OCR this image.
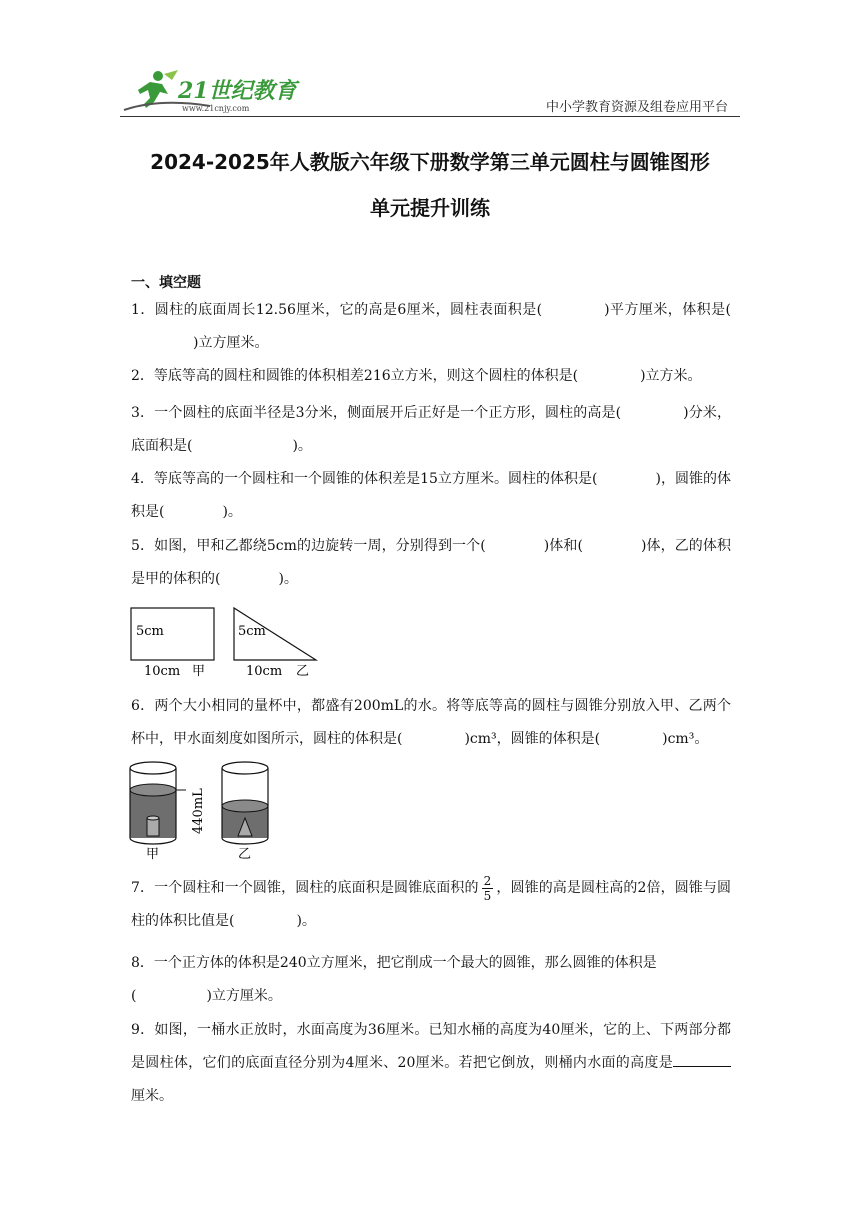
21世纪教育
www.21cnjy.com	中小学教育资源及组卷应用平台
2024-2025年人教版六年级下册数学第三单元圆柱与圆锥图形
单元提升训练
一、填空题
1．圆柱的底面周长12.56厘米，它的高是6厘米，圆柱表面积是(	)平方厘米，体积是()立方厘米。
2．等底等高的圆柱和圆锥的体积相差216立方米，则这个圆柱的体积是(	)立方米。
3．一个圆柱的底面半径是3分米，侧面展开后正好是一个正方形，圆柱的高是(	)分米，底面积是(	)。
4．等底等高的一个圆柱和一个圆锥的体积差是15立方厘米。圆柱的体积是(	)，圆锥的体积是(	)。
5．如图，甲和乙都绕5cm的边旋转一周，分别得到一个(	)体和(	)体，乙的体积是甲的体积的(	)。
5cm
10cm 甲
5cm
10cm 乙
6．两个大小相同的量杯中，都盛有200mL的水。将等底等高的圆柱与圆锥分别放入甲、乙两个杯中，甲水面刻度如图所示，圆柱的体积是(	)cm³，圆锥的体积是(	)cm³。
440mL
甲	乙
7．一个圆柱和一个圆锥，圆柱的底面积是圆锥底面积的 $\frac{2}{5}$ ，圆锥的高是圆柱高的2倍，圆锥与圆柱的体积比值是(	)。
8．一个正方体的体积是240立方厘米，把它削成一个最大的圆锥，那么圆锥的体积是
(	)立方厘米。
9．如图，一桶水正放时，水面高度为36厘米。已知水桶的高度为40厘米，它的上、下两部分都是圆柱体，它们的底面直径分别为4厘米、20厘米。若把它倒放，则桶内水面的高度是厘米。
